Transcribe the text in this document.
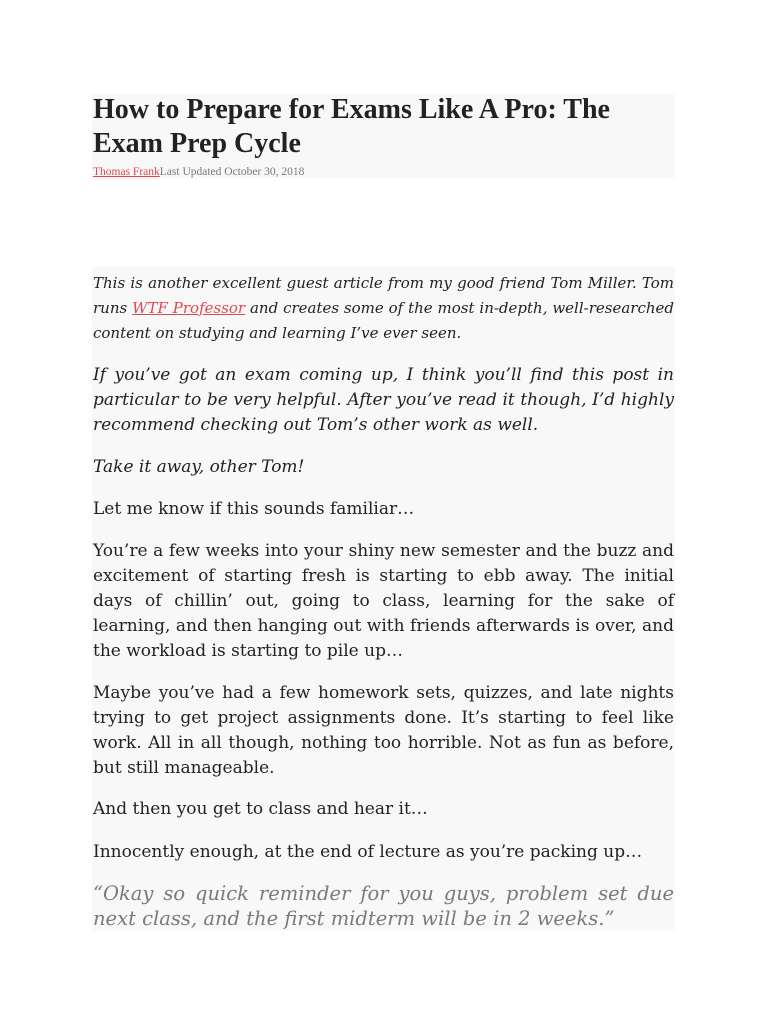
How to Prepare for Exams Like A Pro: The Exam Prep Cycle
Thomas FrankLast Updated October 30, 2018

This is another excellent guest article from my good friend Tom Miller. Tom runs WTF Professor and creates some of the most in-depth, well-researched content on studying and learning I’ve ever seen.

If you’ve got an exam coming up, I think you’ll find this post in particular to be very helpful. After you’ve read it though, I’d highly recommend checking out Tom’s other work as well.

Take it away, other Tom!

Let me know if this sounds familiar…

You’re a few weeks into your shiny new semester and the buzz and excitement of starting fresh is starting to ebb away. The initial days of chillin’ out, going to class, learning for the sake of learning, and then hanging out with friends afterwards is over, and the workload is starting to pile up…

Maybe you’ve had a few homework sets, quizzes, and late nights trying to get project assignments done. It’s starting to feel like work. All in all though, nothing too horrible. Not as fun as before, but still manageable.

And then you get to class and hear it…

Innocently enough, at the end of lecture as you’re packing up…

“Okay so quick reminder for you guys, problem set due next class, and the first midterm will be in 2 weeks.”
